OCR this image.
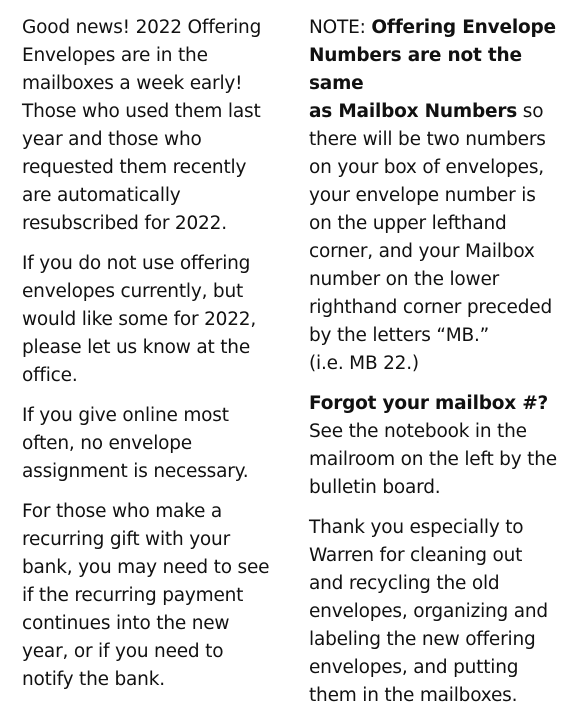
Good news! 2022 Offering
Envelopes are in the
mailboxes a week early!
Those who used them last
year and those who
requested them recently
are automatically
resubscribed for 2022.

If you do not use offering
envelopes currently, but
would like some for 2022,
please let us know at the
office.

If you give online most
often, no envelope
assignment is necessary.

For those who make a
recurring gift with your
bank, you may need to see
if the recurring payment
continues into the new
year, or if you need to
notify the bank.

NOTE: Offering Envelope
Numbers are not the same
as Mailbox Numbers so
there will be two numbers
on your box of envelopes,
your envelope number is
on the upper lefthand
corner, and your Mailbox
number on the lower
righthand corner preceded
by the letters “MB.”
(i.e. MB 22.)

Forgot your mailbox #?
See the notebook in the
mailroom on the left by the
bulletin board.

Thank you especially to
Warren for cleaning out
and recycling the old
envelopes, organizing and
labeling the new offering
envelopes, and putting
them in the mailboxes.
